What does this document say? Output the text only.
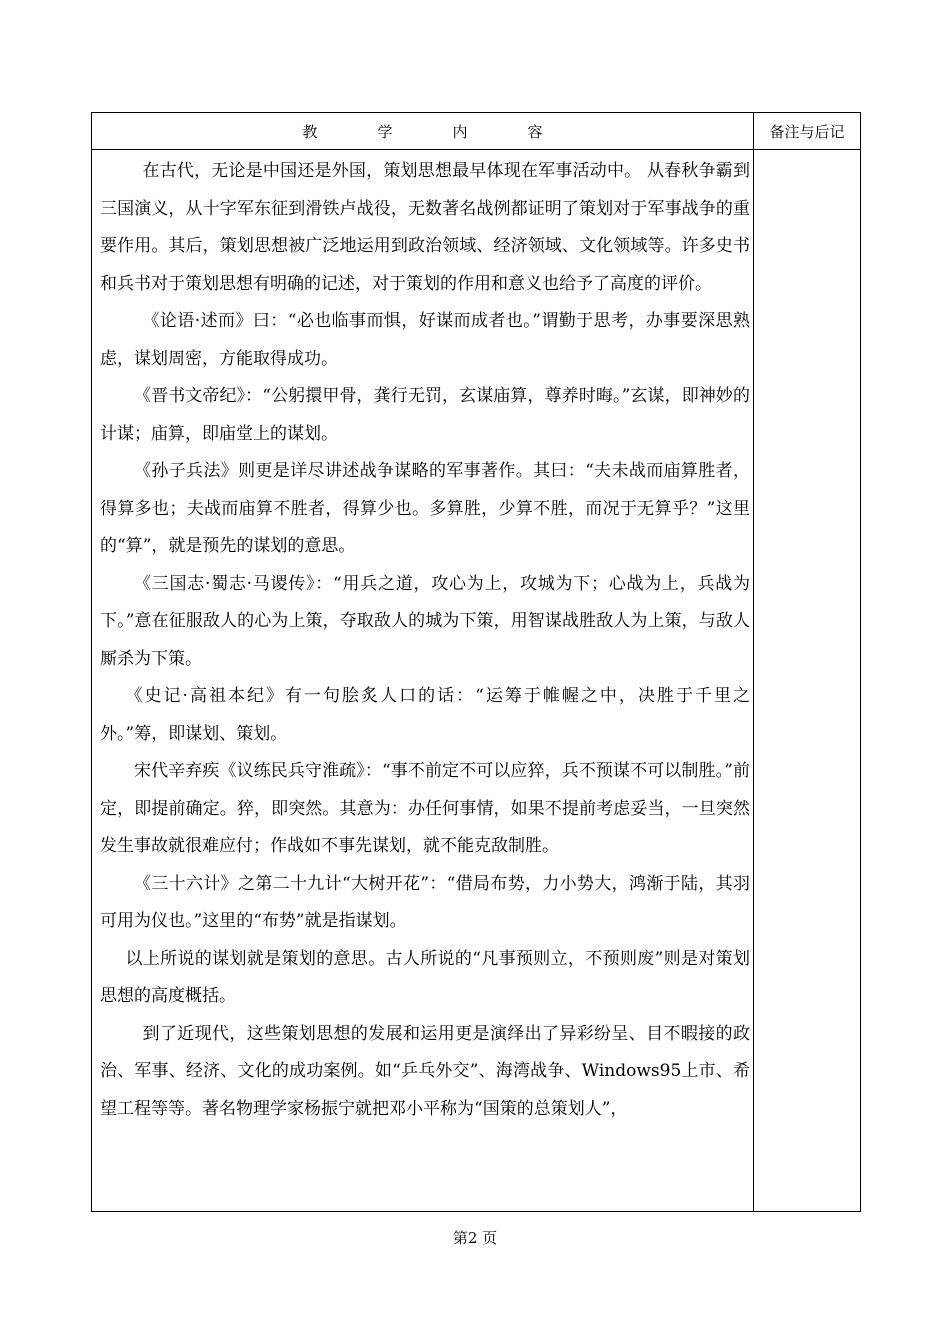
教　　　　学　　　　内　　　　容	备注与后记

在古代，无论是中国还是外国，策划思想最早体现在军事活动中。 从春秋争霸到三国演义，从十字军东征到滑铁卢战役，无数著名战例都证明了策划对于军事战争的重要作用。其后，策划思想被广泛地运用到政治领域、经济领域、文化领域等。许多史书和兵书对于策划思想有明确的记述，对于策划的作用和意义也给予了高度的评价。

《论语·述而》曰：“必也临事而惧，好谋而成者也。”谓勤于思考，办事要深思熟虑，谋划周密，方能取得成功。

《晋书文帝纪》：“公躬擐甲骨，龚行无罚，玄谋庙算，尊养时晦。”玄谋，即神妙的计谋；庙算，即庙堂上的谋划。

《孙子兵法》则更是详尽讲述战争谋略的军事著作。其曰：“夫未战而庙算胜者，得算多也；夫战而庙算不胜者，得算少也。多算胜，少算不胜，而况于无算乎？”这里的“算”，就是预先的谋划的意思。

《三国志·蜀志·马谡传》：“用兵之道，攻心为上，攻城为下；心战为上，兵战为下。”意在征服敌人的心为上策，夺取敌人的城为下策，用智谋战胜敌人为上策，与敌人厮杀为下策。

《史记·高祖本纪》有一句脍炙人口的话：“运筹于帷幄之中，决胜于千里之外。”筹，即谋划、策划。

宋代辛弃疾《议练民兵守淮疏》：“事不前定不可以应猝，兵不预谋不可以制胜。”前定，即提前确定。猝，即突然。其意为：办任何事情，如果不提前考虑妥当，一旦突然发生事故就很难应付；作战如不事先谋划，就不能克敌制胜。

《三十六计》之第二十九计“大树开花”：“借局布势，力小势大，鸿渐于陆，其羽可用为仪也。”这里的“布势”就是指谋划。

以上所说的谋划就是策划的意思。古人所说的“凡事预则立，不预则废”则是对策划思想的高度概括。

到了近现代，这些策划思想的发展和运用更是演绎出了异彩纷呈、目不暇接的政治、军事、经济、文化的成功案例。如“乒乓外交”、海湾战争、Windows95上市、希望工程等等。著名物理学家杨振宁就把邓小平称为“国策的总策划人”，

第2 页
